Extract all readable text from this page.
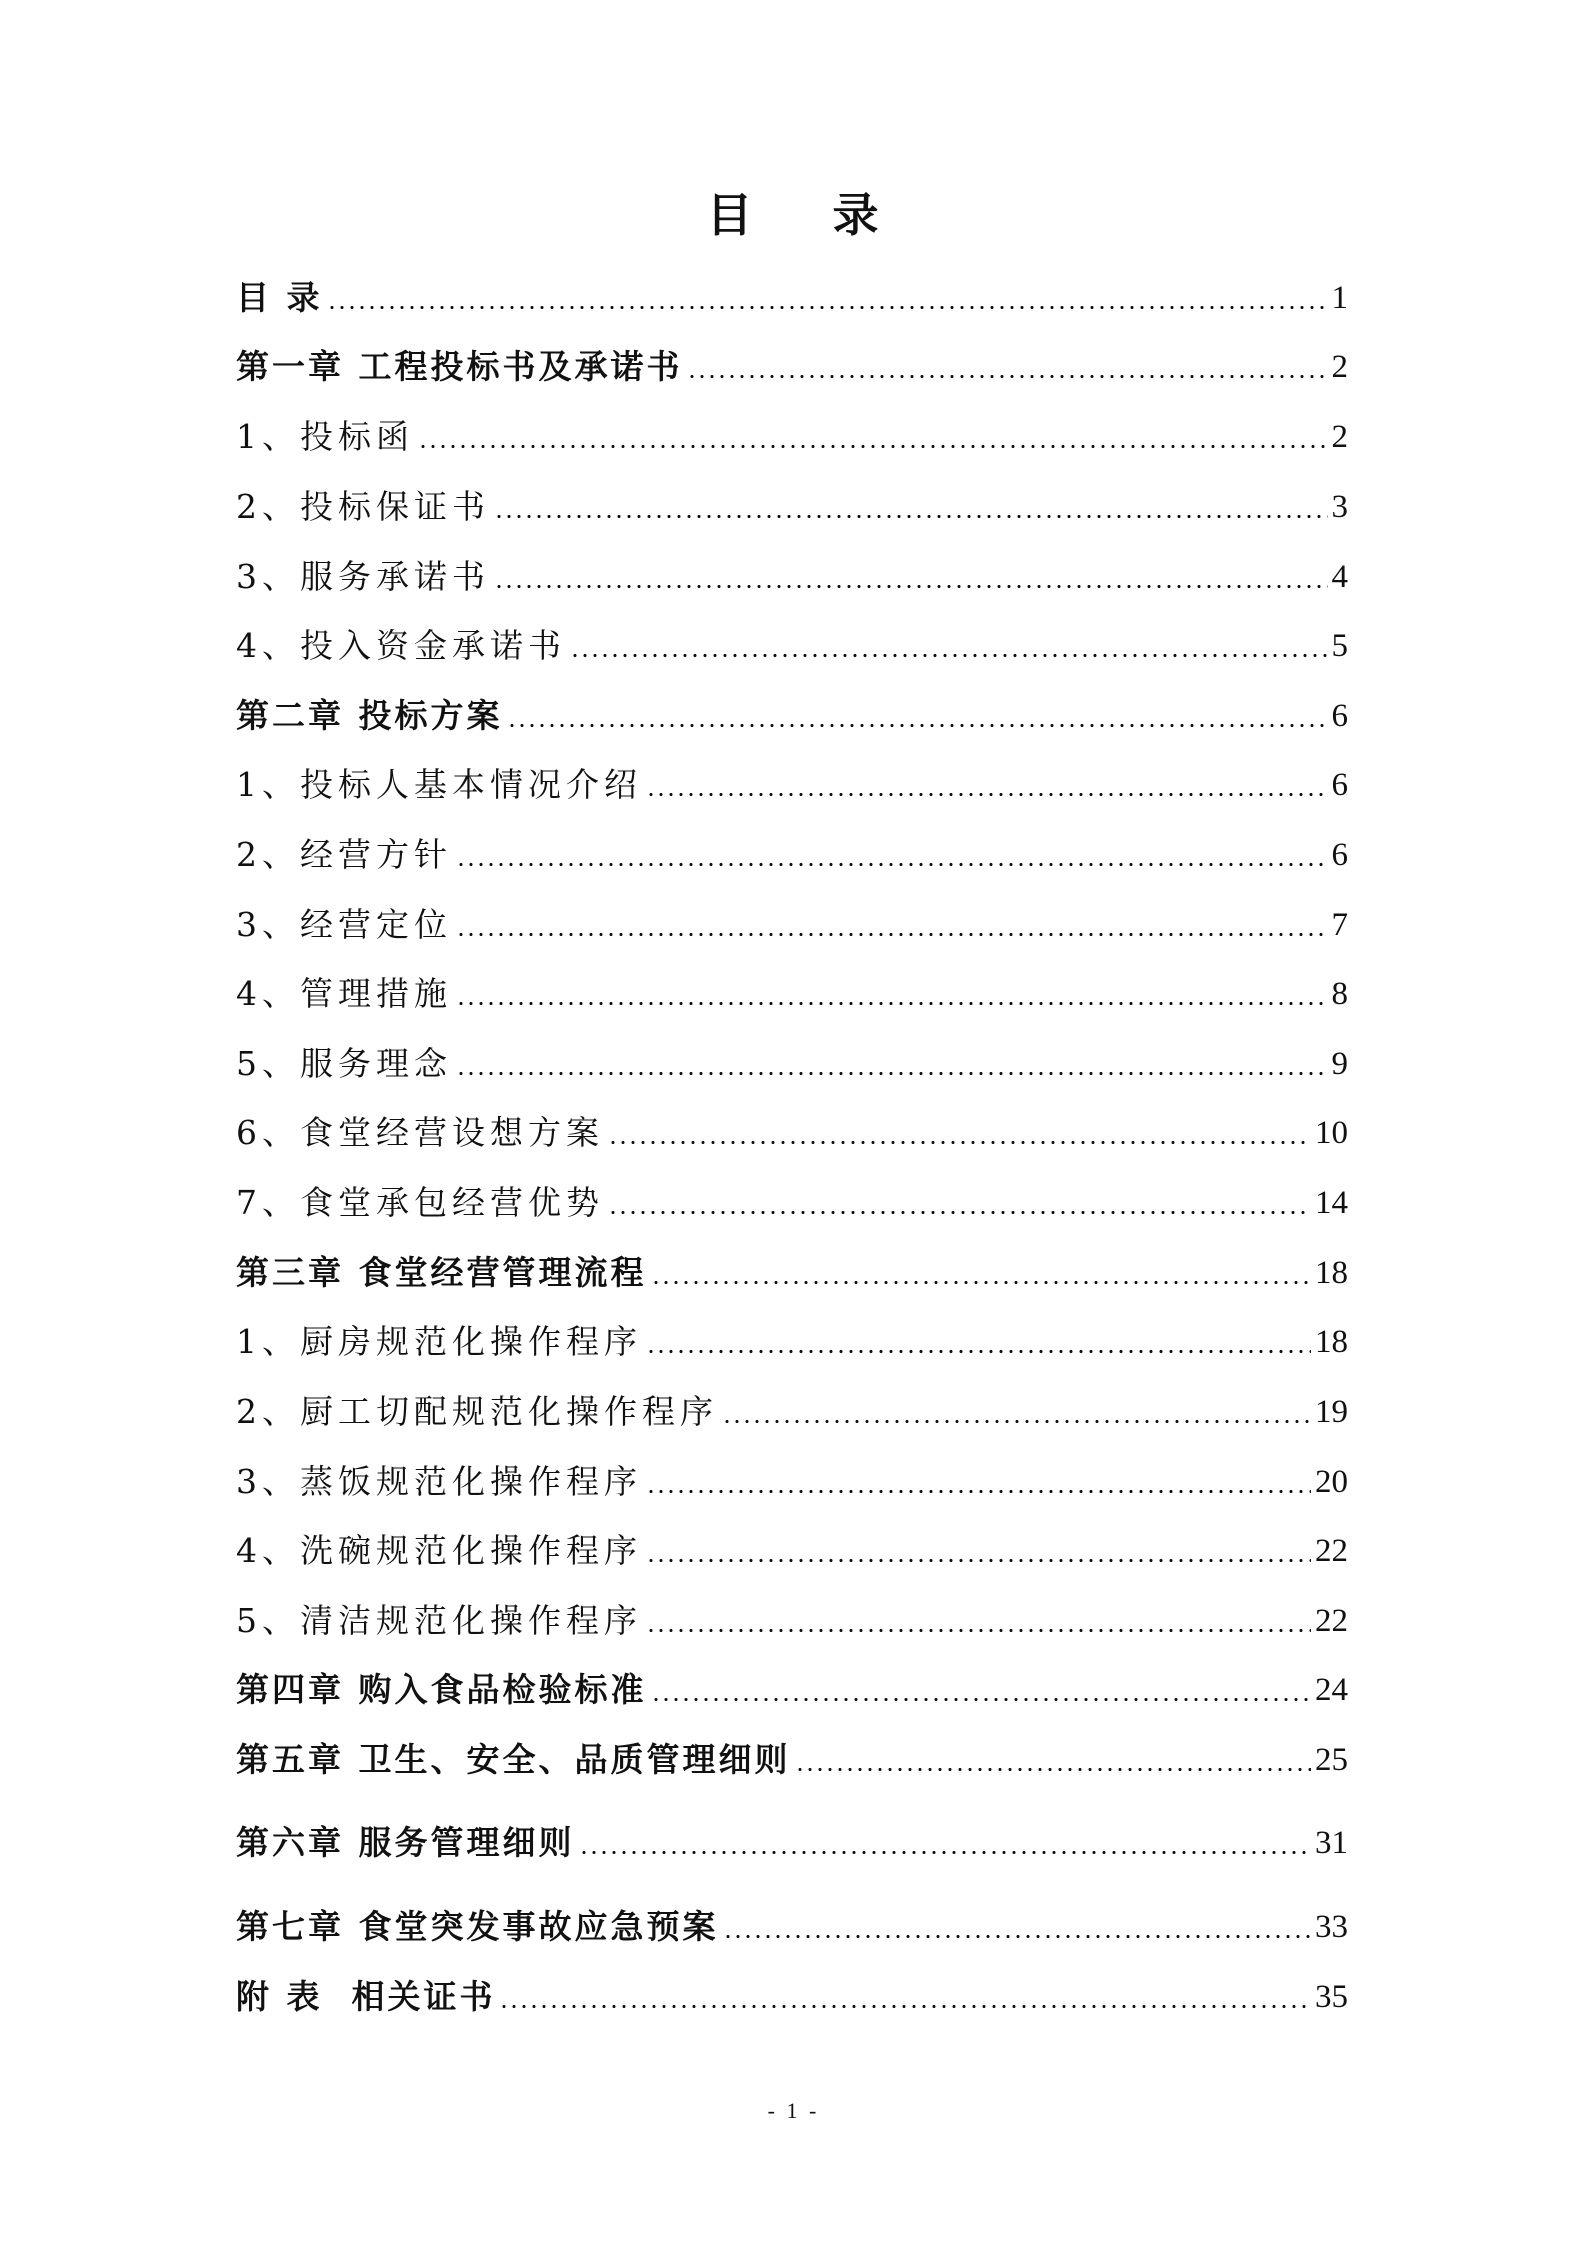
目 录
目 录	1
第一章 工程投标书及承诺书	2
1、投标函	2
2、投标保证书	3
3、服务承诺书	4
4、投入资金承诺书	5
第二章 投标方案	6
1、投标人基本情况介绍	6
2、经营方针	6
3、经营定位	7
4、管理措施	8
5、服务理念	9
6、食堂经营设想方案	10
7、食堂承包经营优势	14
第三章 食堂经营管理流程	18
1、厨房规范化操作程序	18
2、厨工切配规范化操作程序	19
3、蒸饭规范化操作程序	20
4、洗碗规范化操作程序	22
5、清洁规范化操作程序	22
第四章 购入食品检验标准	24
第五章 卫生、安全、品质管理细则	25
第六章 服务管理细则	31
第七章 食堂突发事故应急预案	33
附 表  相关证书	35
- 1 -
